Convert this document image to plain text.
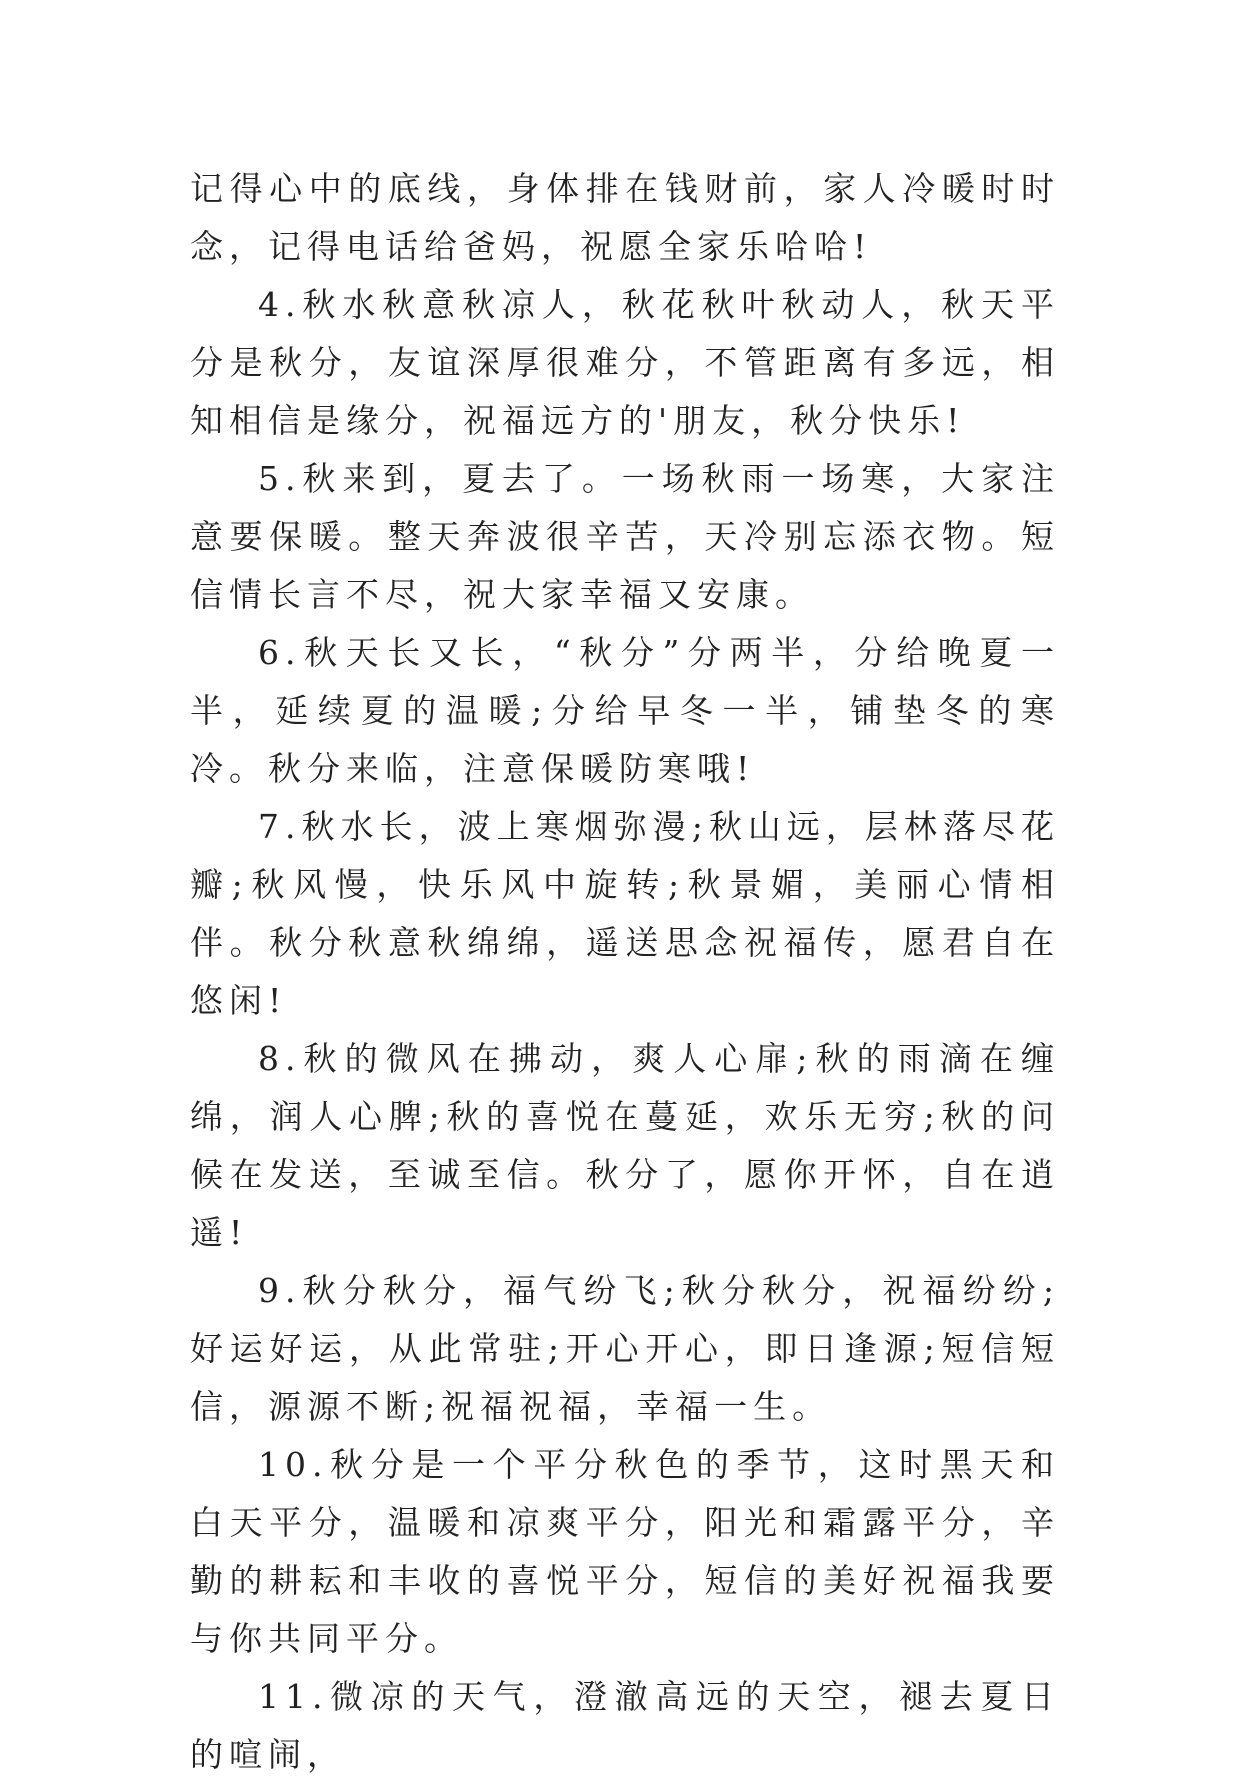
记得心中的底线，身体排在钱财前，家人冷暖时时念，记得电话给爸妈，祝愿全家乐哈哈!

4.秋水秋意秋凉人，秋花秋叶秋动人，秋天平分是秋分，友谊深厚很难分，不管距离有多远，相知相信是缘分，祝福远方的'朋友，秋分快乐!

5.秋来到，夏去了。一场秋雨一场寒，大家注意要保暖。整天奔波很辛苦，天冷别忘添衣物。短信情长言不尽，祝大家幸福又安康。

6.秋天长又长，“秋分”分两半，分给晚夏一半，延续夏的温暖;分给早冬一半，铺垫冬的寒冷。秋分来临，注意保暖防寒哦!

7.秋水长，波上寒烟弥漫;秋山远，层林落尽花瓣;秋风慢，快乐风中旋转;秋景媚，美丽心情相伴。秋分秋意秋绵绵，遥送思念祝福传，愿君自在悠闲!

8.秋的微风在拂动，爽人心扉;秋的雨滴在缠绵，润人心脾;秋的喜悦在蔓延，欢乐无穷;秋的问候在发送，至诚至信。秋分了，愿你开怀，自在逍遥!

9.秋分秋分，福气纷飞;秋分秋分，祝福纷纷;好运好运，从此常驻;开心开心，即日逢源;短信短信，源源不断;祝福祝福，幸福一生。

10.秋分是一个平分秋色的季节，这时黑天和白天平分，温暖和凉爽平分，阳光和霜露平分，辛勤的耕耘和丰收的喜悦平分，短信的美好祝福我要与你共同平分。

11.微凉的天气，澄澈高远的天空，褪去夏日的喧闹，
